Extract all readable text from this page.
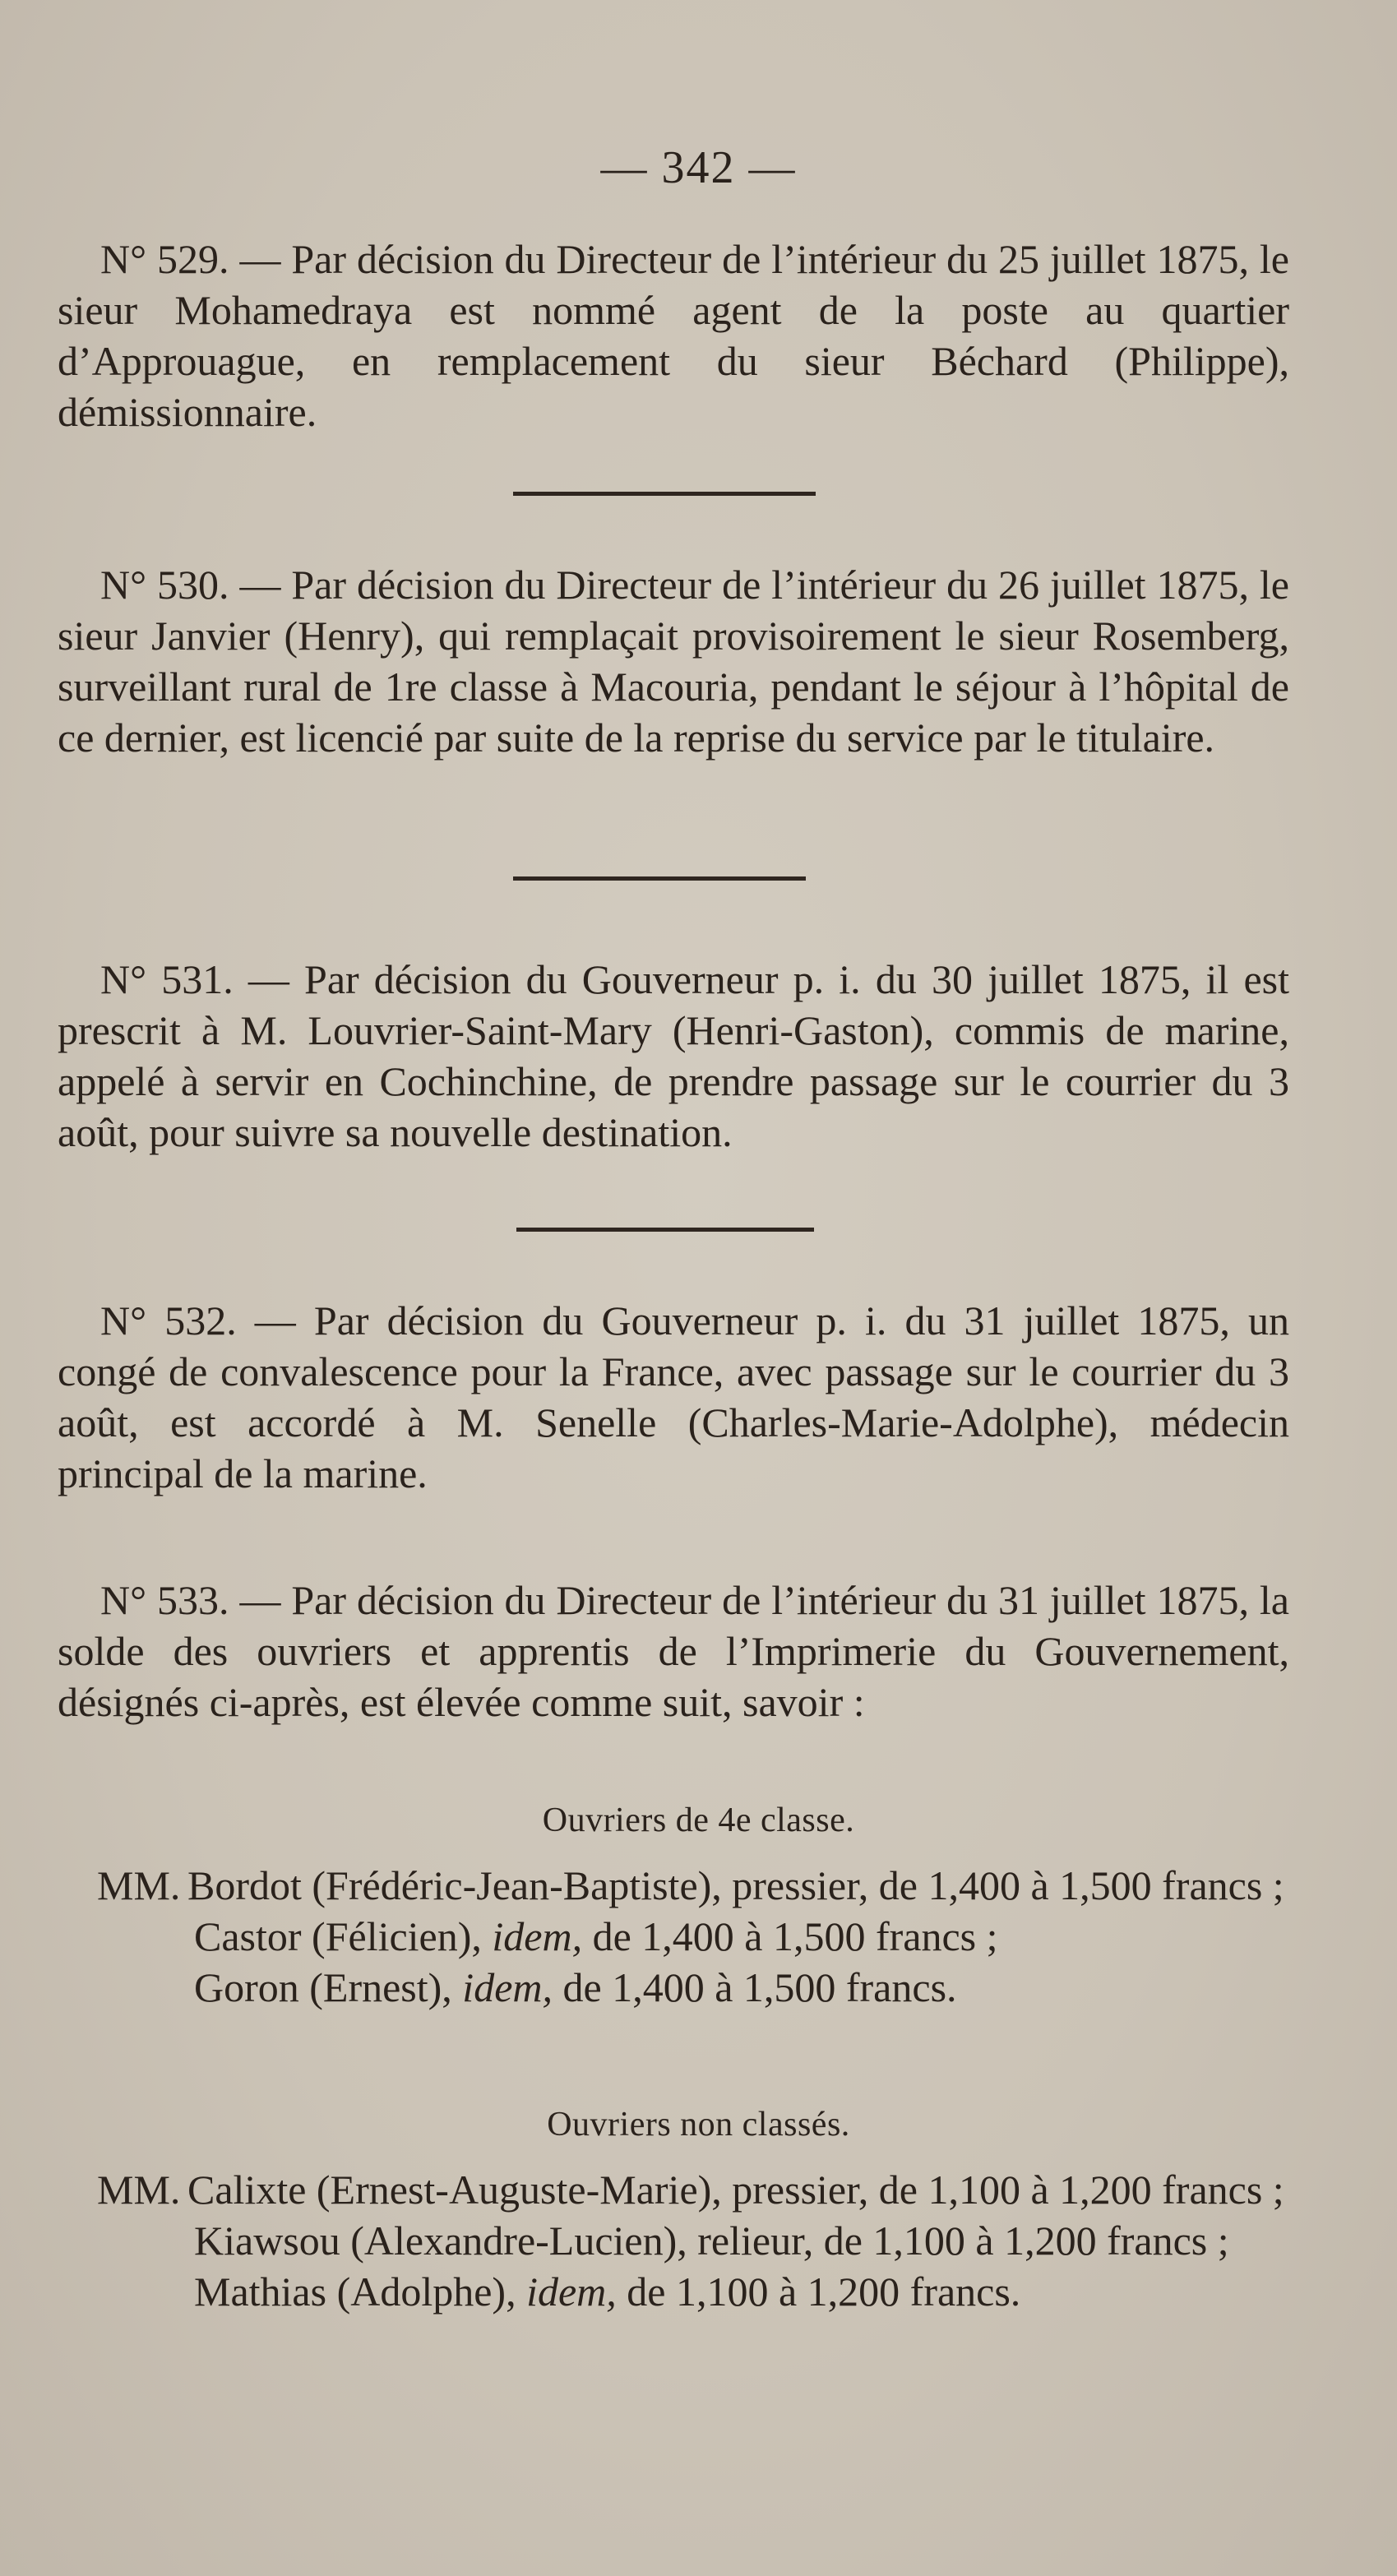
— 342 —

N° 529. — Par décision du Directeur de l’intérieur du 25 juillet 1875, le sieur Mohamedraya est nommé agent de la poste au quartier d’Approuague, en remplacement du sieur Béchard (Philippe), démissionnaire.

N° 530. — Par décision du Directeur de l’intérieur du 26 juillet 1875, le sieur Janvier (Henry), qui remplaçait provisoirement le sieur Rosemberg, surveillant rural de 1re classe à Macouria, pendant le séjour à l’hôpital de ce dernier, est licencié par suite de la reprise du service par le titulaire.

N° 531. — Par décision du Gouverneur p. i. du 30 juillet 1875, il est prescrit à M. Louvrier-Saint-Mary (Henri-Gaston), commis de marine, appelé à servir en Cochinchine, de prendre passage sur le courrier du 3 août, pour suivre sa nouvelle destination.

N° 532. — Par décision du Gouverneur p. i. du 31 juillet 1875, un congé de convalescence pour la France, avec passage sur le courrier du 3 août, est accordé à M. Senelle (Charles-Marie-Adolphe), médecin principal de la marine.

N° 533. — Par décision du Directeur de l’intérieur du 31 juillet 1875, la solde des ouvriers et apprentis de l’Imprimerie du Gouvernement, désignés ci-après, est élevée comme suit, savoir :

Ouvriers de 4e classe.

MM. Bordot (Frédéric-Jean-Baptiste), pressier, de 1,400 à 1,500 francs ;

Castor (Félicien), idem, de 1,400 à 1,500 francs ;

Goron (Ernest), idem, de 1,400 à 1,500 francs.

Ouvriers non classés.

MM. Calixte (Ernest-Auguste-Marie), pressier, de 1,100 à 1,200 francs ;

Kiawsou (Alexandre-Lucien), relieur, de 1,100 à 1,200 francs ;

Mathias (Adolphe), idem, de 1,100 à 1,200 francs.
